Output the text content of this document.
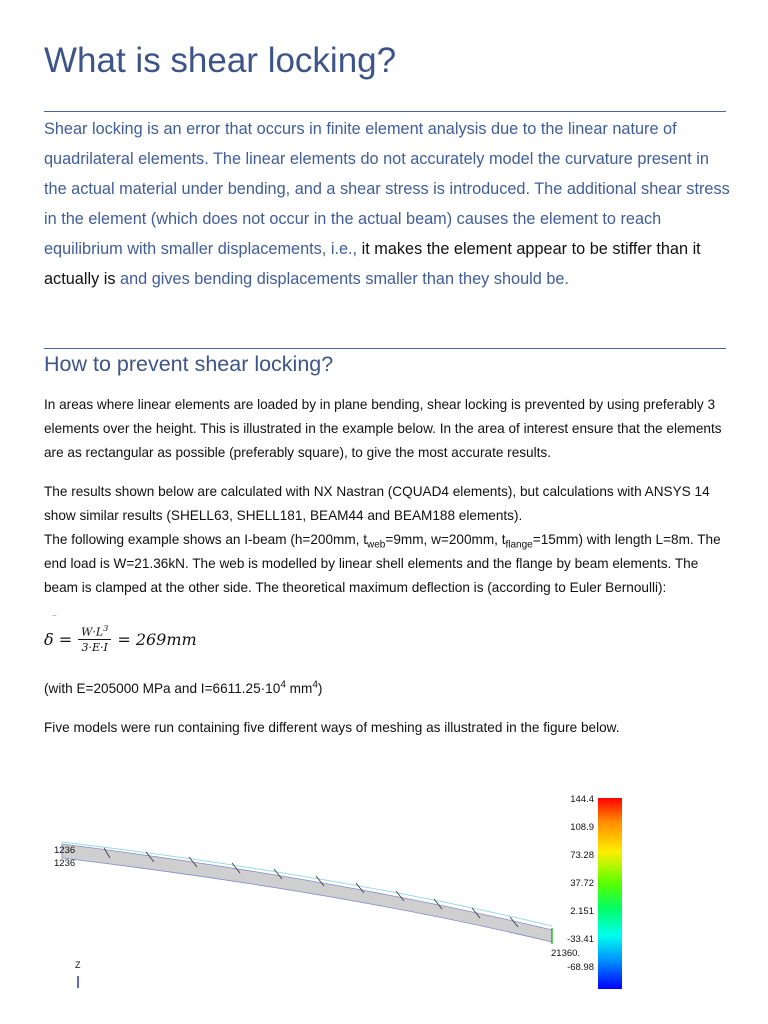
What is shear locking?

Shear locking is an error that occurs in finite element analysis due to the linear nature of quadrilateral elements. The linear elements do not accurately model the curvature present in the actual material under bending, and a shear stress is introduced. The additional shear stress in the element (which does not occur in the actual beam) causes the element to reach equilibrium with smaller displacements, i.e., it makes the element appear to be stiffer than it actually is and gives bending displacements smaller than they should be.

How to prevent shear locking?

In areas where linear elements are loaded by in plane bending, shear locking is prevented by using preferably 3 elements over the height. This is illustrated in the example below. In the area of interest ensure that the elements are as rectangular as possible (preferably square), to give the most accurate results.

The results shown below are calculated with NX Nastran (CQUAD4 elements), but calculations with ANSYS 14 show similar results (SHELL63, SHELL181, BEAM44 and BEAM188 elements).
The following example shows an I-beam (h=200mm, $t_{web}=9mm$, w=200mm, $t_{flange}=15mm$) with length L=8m. The end load is W=21.36kN. The web is modelled by linear shell elements and the flange by beam elements. The beam is clamped at the other side. The theoretical maximum deflection is (according to Euler Bernoulli):

..
$\delta = \frac{W\cdot L^3}{3\cdot E\cdot I} = 269mm$

(with E=205000 MPa and $I=6611.25\cdot 10^4$ $mm^4$)

Five models were run containing five different ways of meshing as illustrated in the figure below.

Z
1236
1236
21360.
144.4
108.9
73.28
37.72
2.151
-33.41
-68.98
